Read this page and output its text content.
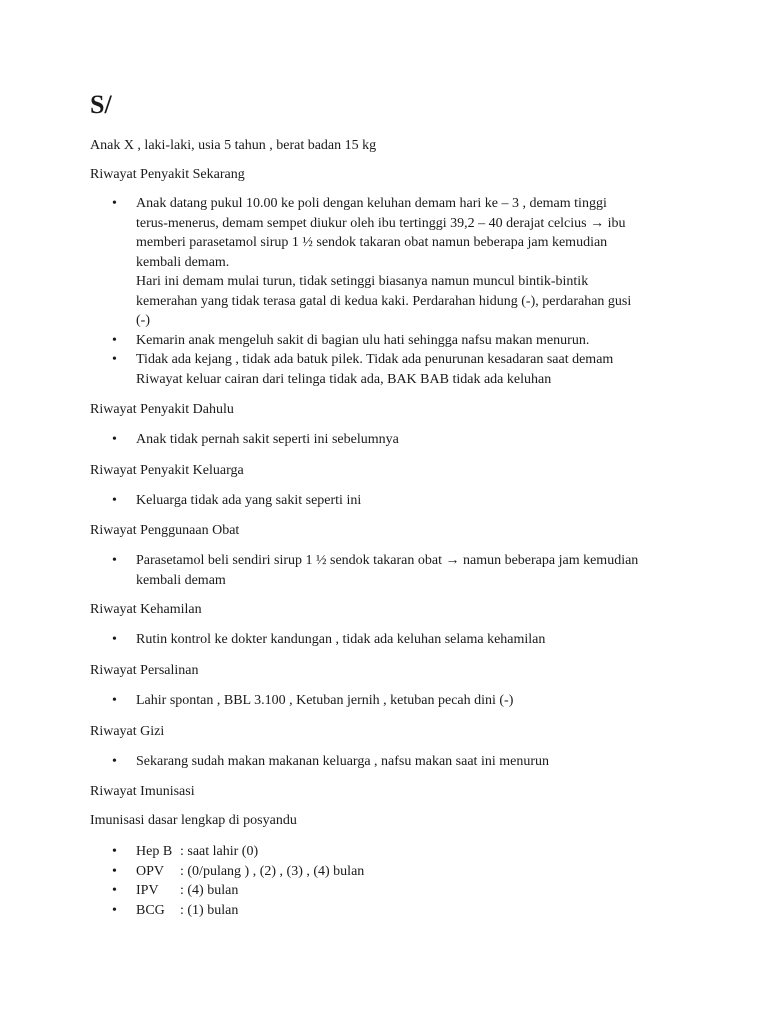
S/

Anak X , laki-laki, usia 5 tahun , berat badan 15 kg

Riwayat Penyakit Sekarang

• Anak datang pukul 10.00 ke poli dengan keluhan demam hari ke – 3 , demam tinggi
terus-menerus, demam sempet diukur oleh ibu tertinggi 39,2 – 40 derajat celcius → ibu
memberi parasetamol sirup 1 ½ sendok takaran obat namun beberapa jam kemudian
kembali demam.
Hari ini demam mulai turun, tidak setinggi biasanya namun muncul bintik-bintik
kemerahan yang tidak terasa gatal di kedua kaki. Perdarahan hidung (-), perdarahan gusi
(-)
• Kemarin anak mengeluh sakit di bagian ulu hati sehingga nafsu makan menurun.
• Tidak ada kejang , tidak ada batuk pilek. Tidak ada penurunan kesadaran saat demam
Riwayat keluar cairan dari telinga tidak ada, BAK BAB tidak ada keluhan

Riwayat Penyakit Dahulu

• Anak tidak pernah sakit seperti ini sebelumnya

Riwayat Penyakit Keluarga

• Keluarga tidak ada yang sakit seperti ini

Riwayat Penggunaan Obat

• Parasetamol beli sendiri sirup 1 ½ sendok takaran obat → namun beberapa jam kemudian
kembali demam

Riwayat Kehamilan

• Rutin kontrol ke dokter kandungan , tidak ada keluhan selama kehamilan

Riwayat Persalinan

• Lahir spontan , BBL 3.100 , Ketuban jernih , ketuban pecah dini (-)

Riwayat Gizi

• Sekarang sudah makan makanan keluarga , nafsu makan saat ini menurun

Riwayat Imunisasi

Imunisasi dasar lengkap di posyandu

• Hep B : saat lahir (0)
• OPV : (0/pulang ) , (2) , (3) , (4) bulan
• IPV : (4) bulan
• BCG : (1) bulan
